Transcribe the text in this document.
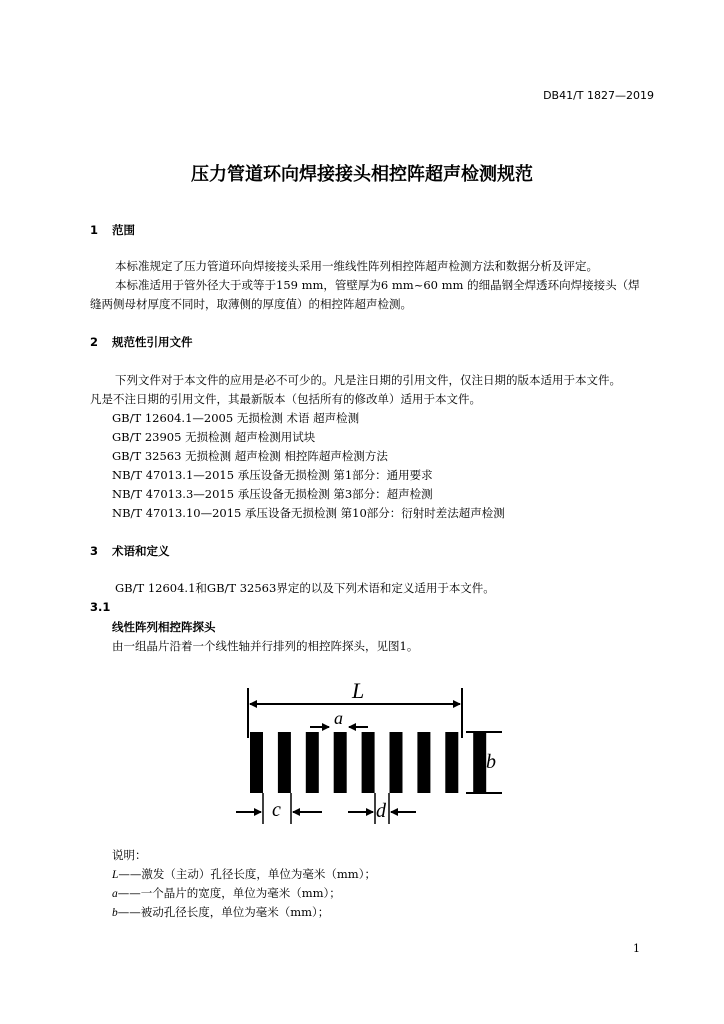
DB41/T 1827—2019
压力管道环向焊接接头相控阵超声检测规范
1 范围
本标准规定了压力管道环向焊接接头采用一维线性阵列相控阵超声检测方法和数据分析及评定。
本标准适用于管外径大于或等于159 mm，管壁厚为6 mm~60 mm 的细晶钢全焊透环向焊接接头（焊
缝两侧母材厚度不同时，取薄侧的厚度值）的相控阵超声检测。
2 规范性引用文件
下列文件对于本文件的应用是必不可少的。凡是注日期的引用文件，仅注日期的版本适用于本文件。
凡是不注日期的引用文件，其最新版本（包括所有的修改单）适用于本文件。
GB/T 12604.1—2005 无损检测 术语 超声检测
GB/T 23905 无损检测 超声检测用试块
GB/T 32563 无损检测 超声检测 相控阵超声检测方法
NB/T 47013.1—2015 承压设备无损检测 第1部分：通用要求
NB/T 47013.3—2015 承压设备无损检测 第3部分：超声检测
NB/T 47013.10—2015 承压设备无损检测 第10部分：衍射时差法超声检测
3 术语和定义
GB/T 12604.1和GB/T 32563界定的以及下列术语和定义适用于本文件。
3.1
线性阵列相控阵探头
由一组晶片沿着一个线性轴并行排列的相控阵探头，见图1。
L
a
b
c	d
说明：
L——激发（主动）孔径长度，单位为毫米（mm）；
a——一个晶片的宽度，单位为毫米（mm）；
b——被动孔径长度，单位为毫米（mm）；
1
